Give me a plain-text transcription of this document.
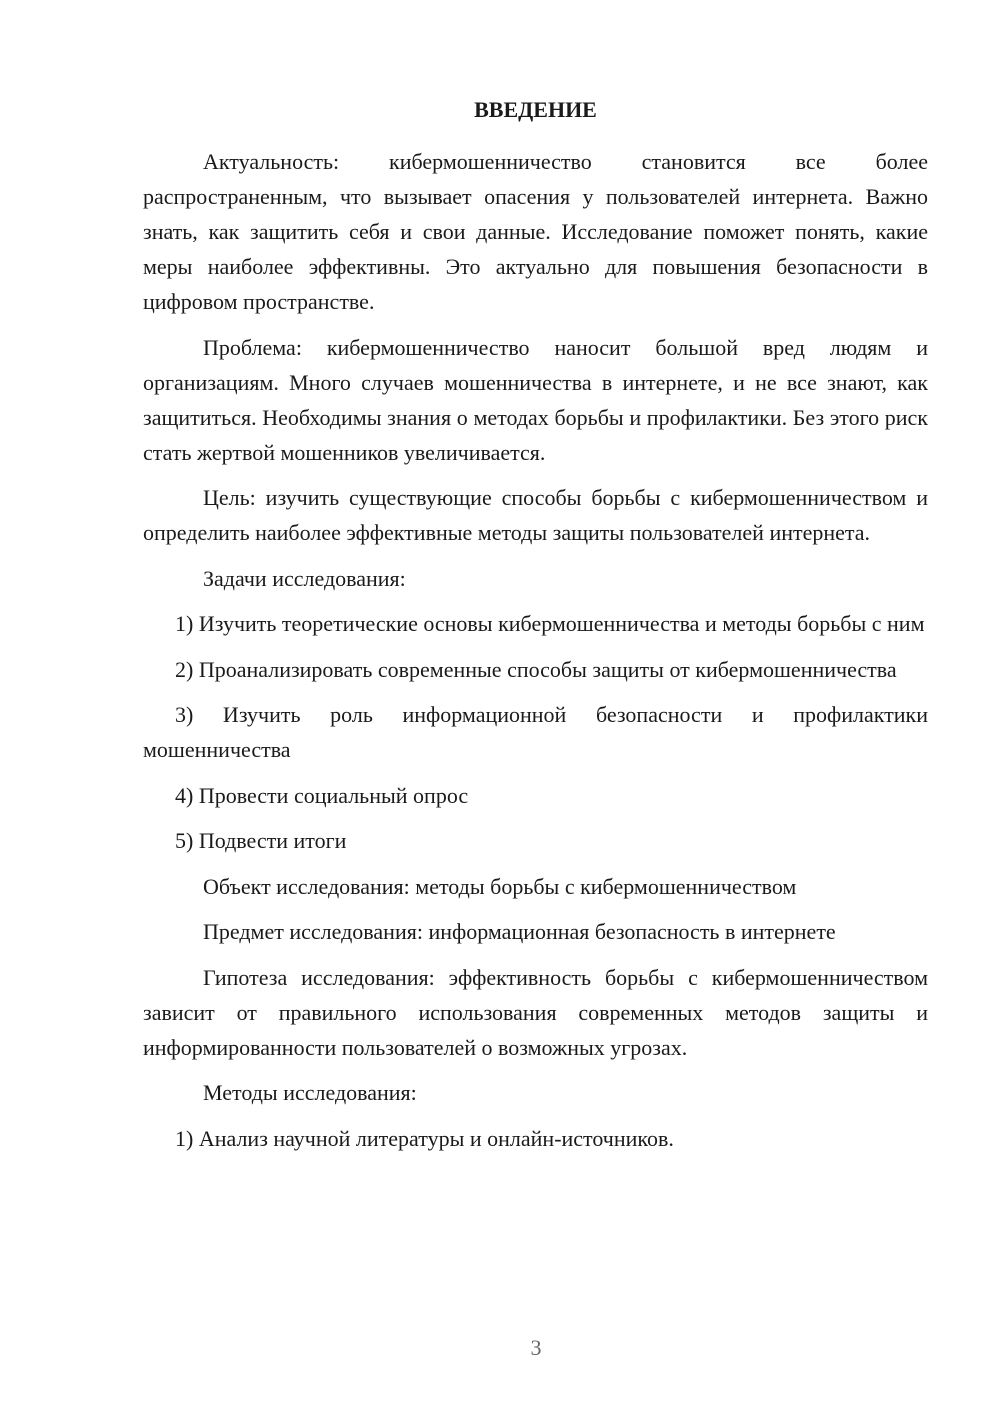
ВВЕДЕНИЕ

Актуальность: кибермошенничество становится все более распространенным, что вызывает опасения у пользователей интернета. Важно знать, как защитить себя и свои данные. Исследование поможет понять, какие меры наиболее эффективны. Это актуально для повышения безопасности в цифровом пространстве.

Проблема: кибермошенничество наносит большой вред людям и организациям. Много случаев мошенничества в интернете, и не все знают, как защититься. Необходимы знания о методах борьбы и профилактики. Без этого риск стать жертвой мошенников увеличивается.

Цель: изучить существующие способы борьбы с кибермошенничеством и определить наиболее эффективные методы защиты пользователей интернета.

Задачи исследования:

1) Изучить теоретические основы кибермошенничества и методы борьбы с ним

2) Проанализировать современные способы защиты от кибермошенничества

3) Изучить роль информационной безопасности и профилактики мошенничества

4) Провести социальный опрос

5) Подвести итоги

Объект исследования: методы борьбы с кибермошенничеством

Предмет исследования: информационная безопасность в интернете

Гипотеза исследования: эффективность борьбы с кибермошенничеством зависит от правильного использования современных методов защиты и информированности пользователей о возможных угрозах.

Методы исследования:

1) Анализ научной литературы и онлайн-источников.

3
